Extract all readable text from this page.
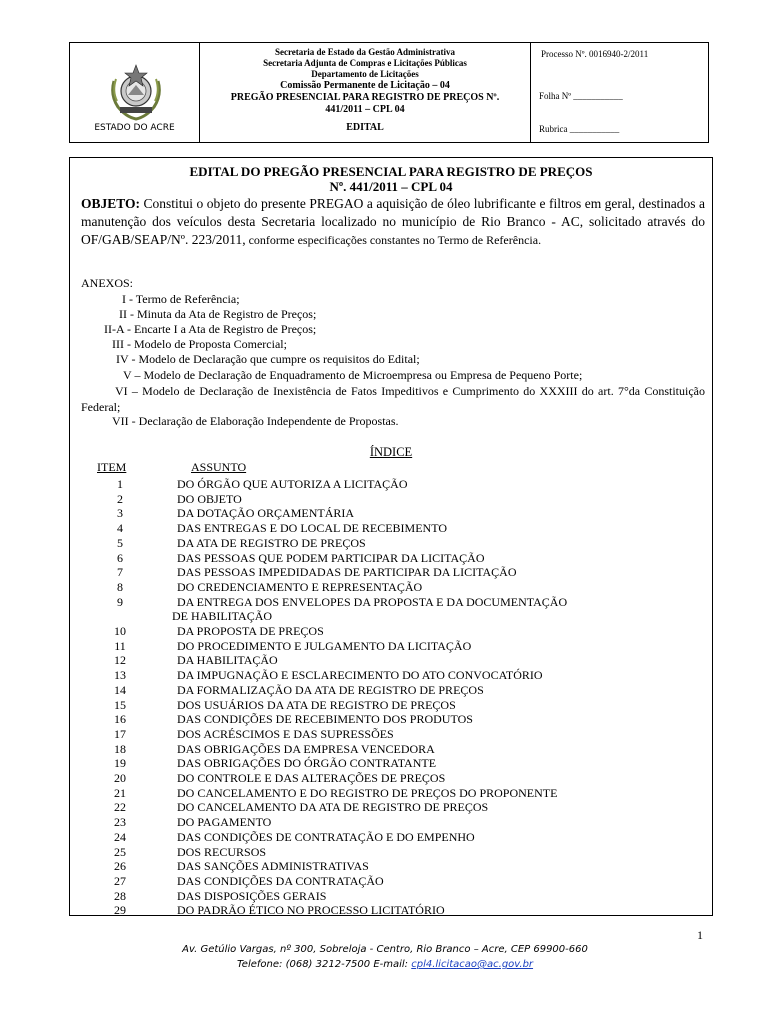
ESTADO DO ACRE
Secretaria de Estado da Gestão Administrativa
Secretaria Adjunta de Compras e Licitações Públicas
Departamento de Licitações
Comissão Permanente de Licitação – 04
PREGÃO PRESENCIAL PARA REGISTRO DE PREÇOS Nº.
441/2011 – CPL 04
EDITAL
Processo Nº. 0016940-2/2011
Folha Nº ___________
Rubrica ___________
EDITAL DO PREGÃO PRESENCIAL PARA REGISTRO DE PREÇOS
Nº. 441/2011 – CPL 04
OBJETO: Constitui o objeto do presente PREGAO a aquisição de óleo lubrificante e filtros em geral, destinados a manutenção dos veículos desta Secretaria localizado no município de Rio Branco - AC, solicitado através do OF/GAB/SEAP/Nº. 223/2011, conforme especificações constantes no Termo de Referência.
ANEXOS:
I - Termo de Referência;
II - Minuta da Ata de Registro de Preços;
II-A - Encarte I a Ata de Registro de Preços;
III - Modelo de Proposta Comercial;
IV - Modelo de Declaração que cumpre os requisitos do Edital;
V – Modelo de Declaração de Enquadramento de Microempresa ou Empresa de Pequeno Porte;
VI – Modelo de Declaração de Inexistência de Fatos Impeditivos e Cumprimento do XXXIII do art. 7°da Constituição Federal;
VII - Declaração de Elaboração Independente de Propostas.
ÍNDICE
ITEM	ASSUNTO
1	DO ÓRGÃO QUE AUTORIZA A LICITAÇÃO
2	DO OBJETO
3	DA DOTAÇÃO ORÇAMENTÁRIA
4	DAS ENTREGAS E DO LOCAL DE RECEBIMENTO
5	DA ATA DE REGISTRO DE PREÇOS
6	DAS PESSOAS QUE PODEM PARTICIPAR DA LICITAÇÃO
7	DAS PESSOAS IMPEDIDADAS DE PARTICIPAR DA LICITAÇÃO
8	DO CREDENCIAMENTO E REPRESENTAÇÃO
9	DA ENTREGA DOS ENVELOPES DA PROPOSTA E DA DOCUMENTAÇÃO
DE HABILITAÇÃO
10	DA PROPOSTA DE PREÇOS
11	DO PROCEDIMENTO E JULGAMENTO DA LICITAÇÃO
12	DA HABILITAÇÃO
13	DA IMPUGNAÇÃO E ESCLARECIMENTO DO ATO CONVOCATÓRIO
14	DA FORMALIZAÇÃO DA ATA DE REGISTRO DE PREÇOS
15	DOS USUÁRIOS DA ATA DE REGISTRO DE PREÇOS
16	DAS CONDIÇÕES DE RECEBIMENTO DOS PRODUTOS
17	DOS ACRÉSCIMOS E DAS SUPRESSÕES
18	DAS OBRIGAÇÕES DA EMPRESA VENCEDORA
19	DAS OBRIGAÇÕES DO ÓRGÃO CONTRATANTE
20	DO CONTROLE E DAS ALTERAÇÕES DE PREÇOS
21	DO CANCELAMENTO E DO REGISTRO DE PREÇOS DO PROPONENTE
22	DO CANCELAMENTO DA ATA DE REGISTRO DE PREÇOS
23	DO PAGAMENTO
24	DAS CONDIÇÕES DE CONTRATAÇÃO E DO EMPENHO
25	DOS RECURSOS
26	DAS SANÇÕES ADMINISTRATIVAS
27	DAS CONDIÇÕES DA CONTRATAÇÃO
28	DAS DISPOSIÇÕES GERAIS
29	DO PADRÃO ÉTICO NO PROCESSO LICITATÓRIO
1
Av. Getúlio Vargas, nº 300, Sobreloja - Centro, Rio Branco – Acre, CEP 69900-660
Telefone: (068) 3212-7500 E-mail: cpl4.licitacao@ac.gov.br
